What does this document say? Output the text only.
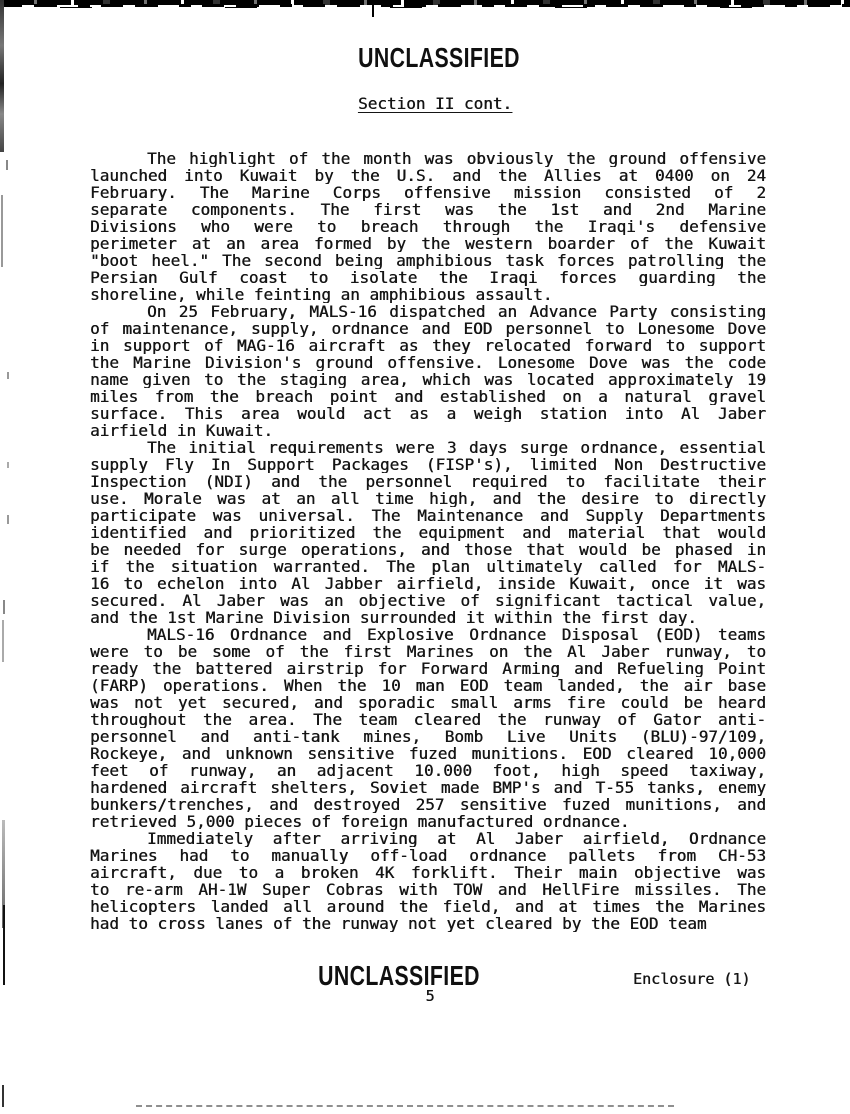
UNCLASSIFIED
Section II cont.
The highlight of the month was obviously the ground offensive
launched into Kuwait by the U.S. and the Allies at 0400 on 24
February. The Marine Corps offensive mission consisted of 2
separate components. The first was the 1st and 2nd Marine
Divisions who were to breach through the Iraqi's defensive
perimeter at an area formed by the western boarder of the Kuwait
"boot heel." The second being amphibious task forces patrolling the
Persian Gulf coast to isolate the Iraqi forces guarding the
shoreline, while feinting an amphibious assault.
On 25 February, MALS-16 dispatched an Advance Party consisting
of maintenance, supply, ordnance and EOD personnel to Lonesome Dove
in support of MAG-16 aircraft as they relocated forward to support
the Marine Division's ground offensive. Lonesome Dove was the code
name given to the staging area, which was located approximately 19
miles from the breach point and established on a natural gravel
surface. This area would act as a weigh station into Al Jaber
airfield in Kuwait.
The initial requirements were 3 days surge ordnance, essential
supply Fly In Support Packages (FISP's), limited Non Destructive
Inspection (NDI) and the personnel required to facilitate their
use. Morale was at an all time high, and the desire to directly
participate was universal. The Maintenance and Supply Departments
identified and prioritized the equipment and material that would
be needed for surge operations, and those that would be phased in
if the situation warranted. The plan ultimately called for MALS-
16 to echelon into Al Jabber airfield, inside Kuwait, once it was
secured. Al Jaber was an objective of significant tactical value,
and the 1st Marine Division surrounded it within the first day.
MALS-16 Ordnance and Explosive Ordnance Disposal (EOD) teams
were to be some of the first Marines on the Al Jaber runway, to
ready the battered airstrip for Forward Arming and Refueling Point
(FARP) operations. When the 10 man EOD team landed, the air base
was not yet secured, and sporadic small arms fire could be heard
throughout the area. The team cleared the runway of Gator anti-
personnel and anti-tank mines, Bomb Live Units (BLU)-97/109,
Rockeye, and unknown sensitive fuzed munitions. EOD cleared 10,000
feet of runway, an adjacent 10.000 foot, high speed taxiway,
hardened aircraft shelters, Soviet made BMP's and T-55 tanks, enemy
bunkers/trenches, and destroyed 257 sensitive fuzed munitions, and
retrieved 5,000 pieces of foreign manufactured ordnance.
Immediately after arriving at Al Jaber airfield, Ordnance
Marines had to manually off-load ordnance pallets from CH-53
aircraft, due to a broken 4K forklift. Their main objective was
to re-arm AH-1W Super Cobras with TOW and HellFire missiles. The
helicopters landed all around the field, and at times the Marines
had to cross lanes of the runway not yet cleared by the EOD team
UNCLASSIFIED	Enclosure (1)
5
